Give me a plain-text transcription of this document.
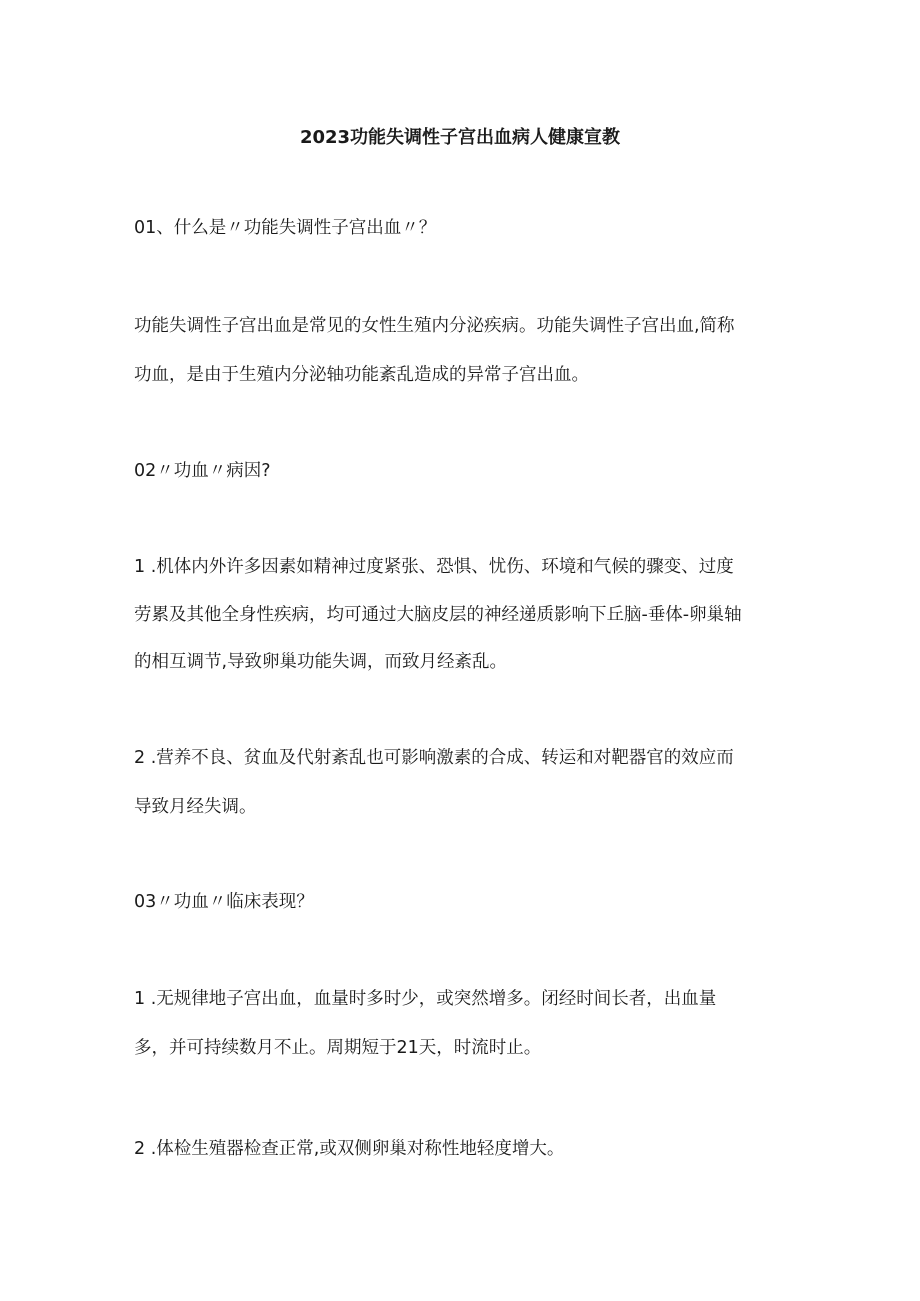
2023功能失调性子宫出血病人健康宣教
01、什么是〃功能失调性子宫出血〃？
功能失调性子宫出血是常见的女性生殖内分泌疾病。功能失调性子宫出血,简称
功血，是由于生殖内分泌轴功能紊乱造成的异常子宫出血。
02〃功血〃病因?
1 .机体内外许多因素如精神过度紧张、恐惧、忧伤、环境和气候的骤变、过度
劳累及其他全身性疾病，均可通过大脑皮层的神经递质影响下丘脑-垂体-卵巢轴
的相互调节,导致卵巢功能失调，而致月经紊乱。
2 .营养不良、贫血及代射紊乱也可影响激素的合成、转运和对靶器官的效应而
导致月经失调。
03〃功血〃临床表现？
1 .无规律地子宫出血，血量时多时少，或突然增多。闭经时间长者，出血量
多，并可持续数月不止。周期短于21天，时流时止。
2 .体检生殖器检查正常,或双侧卵巢对称性地轻度增大。
